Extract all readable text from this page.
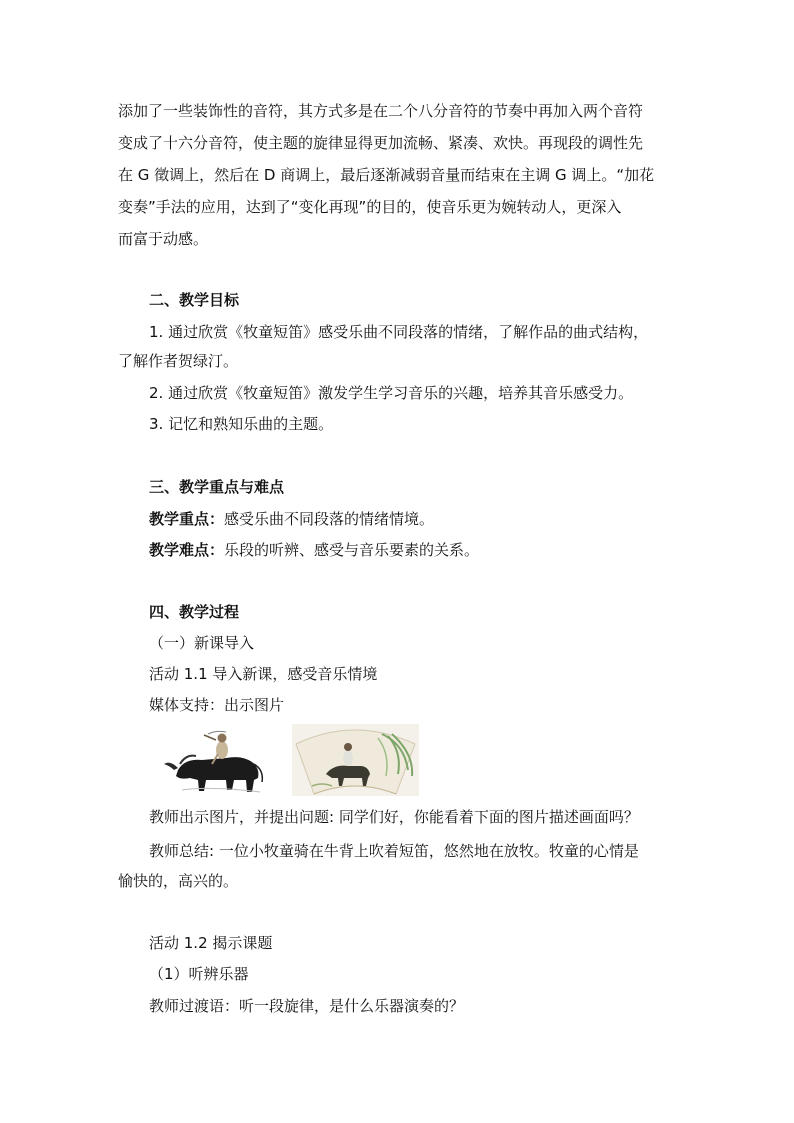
添加了一些装饰性的音符，其方式多是在二个八分音符的节奏中再加入两个音符
变成了十六分音符，使主题的旋律显得更加流畅、紧凑、欢快。再现段的调性先
在 G 徵调上，然后在 D 商调上，最后逐渐减弱音量而结束在主调 G 调上。“加花
变奏”手法的应用，达到了“变化再现”的目的，使音乐更为婉转动人，更深入
而富于动感。
二、教学目标
1. 通过欣赏《牧童短笛》感受乐曲不同段落的情绪，了解作品的曲式结构，
了解作者贺绿汀。
2. 通过欣赏《牧童短笛》激发学生学习音乐的兴趣，培养其音乐感受力。
3. 记忆和熟知乐曲的主题。
三、教学重点与难点
教学重点：感受乐曲不同段落的情绪情境。
教学难点：乐段的听辨、感受与音乐要素的关系。
四、教学过程
（一）新课导入
活动 1.1 导入新课，感受音乐情境
媒体支持：出示图片
教师出示图片，并提出问题: 同学们好，你能看着下面的图片描述画面吗？
教师总结: 一位小牧童骑在牛背上吹着短笛，悠然地在放牧。牧童的心情是
愉快的，高兴的。
活动 1.2 揭示课题
（1）听辨乐器
教师过渡语：听一段旋律，是什么乐器演奏的？
